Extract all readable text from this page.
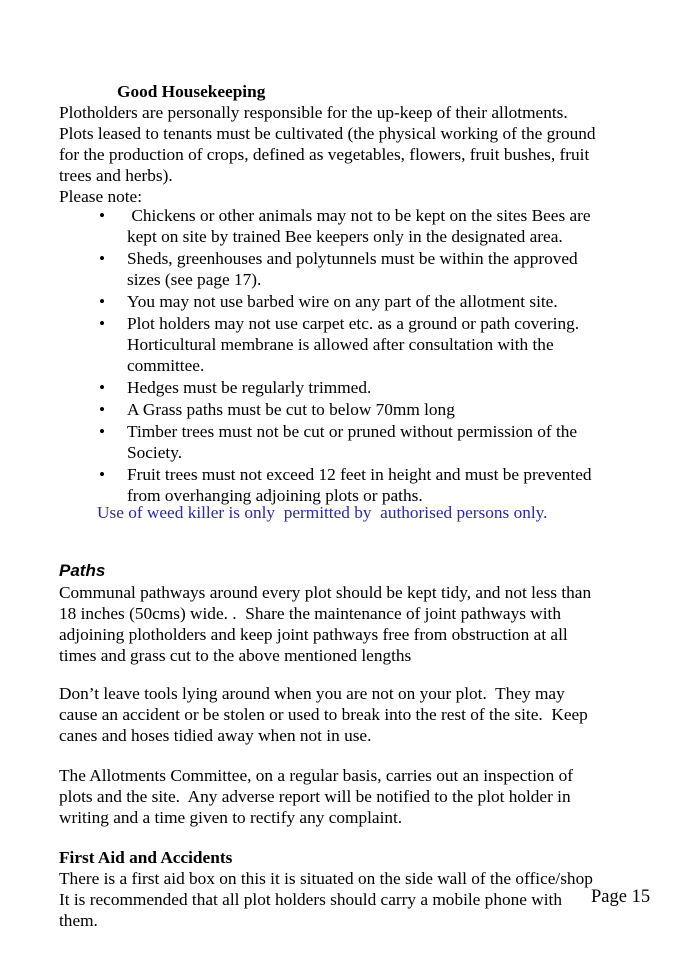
Good Housekeeping
Plotholders are personally responsible for the up-keep of their allotments.
Plots leased to tenants must be cultivated (the physical working of the ground
for the production of crops, defined as vegetables, flowers, fruit bushes, fruit
trees and herbs).
Please note:
• Chickens or other animals may not to be kept on the sites Bees are
kept on site by trained Bee keepers only in the designated area.
• Sheds, greenhouses and polytunnels must be within the approved
sizes (see page 17).
• You may not use barbed wire on any part of the allotment site.
• Plot holders may not use carpet etc. as a ground or path covering.
Horticultural membrane is allowed after consultation with the
committee.
• Hedges must be regularly trimmed.
• A Grass paths must be cut to below 70mm long
• Timber trees must not be cut or pruned without permission of the
Society.
• Fruit trees must not exceed 12 feet in height and must be prevented
from overhanging adjoining plots or paths.
Use of weed killer is only  permitted by  authorised persons only.
Paths
Communal pathways around every plot should be kept tidy, and not less than
18 inches (50cms) wide. .  Share the maintenance of joint pathways with
adjoining plotholders and keep joint pathways free from obstruction at all
times and grass cut to the above mentioned lengths
Don’t leave tools lying around when you are not on your plot.  They may
cause an accident or be stolen or used to break into the rest of the site.  Keep
canes and hoses tidied away when not in use.
The Allotments Committee, on a regular basis, carries out an inspection of
plots and the site.  Any adverse report will be notified to the plot holder in
writing and a time given to rectify any complaint.
First Aid and Accidents
There is a first aid box on this it is situated on the side wall of the office/shop
It is recommended that all plot holders should carry a mobile phone with
them.
Page 15
